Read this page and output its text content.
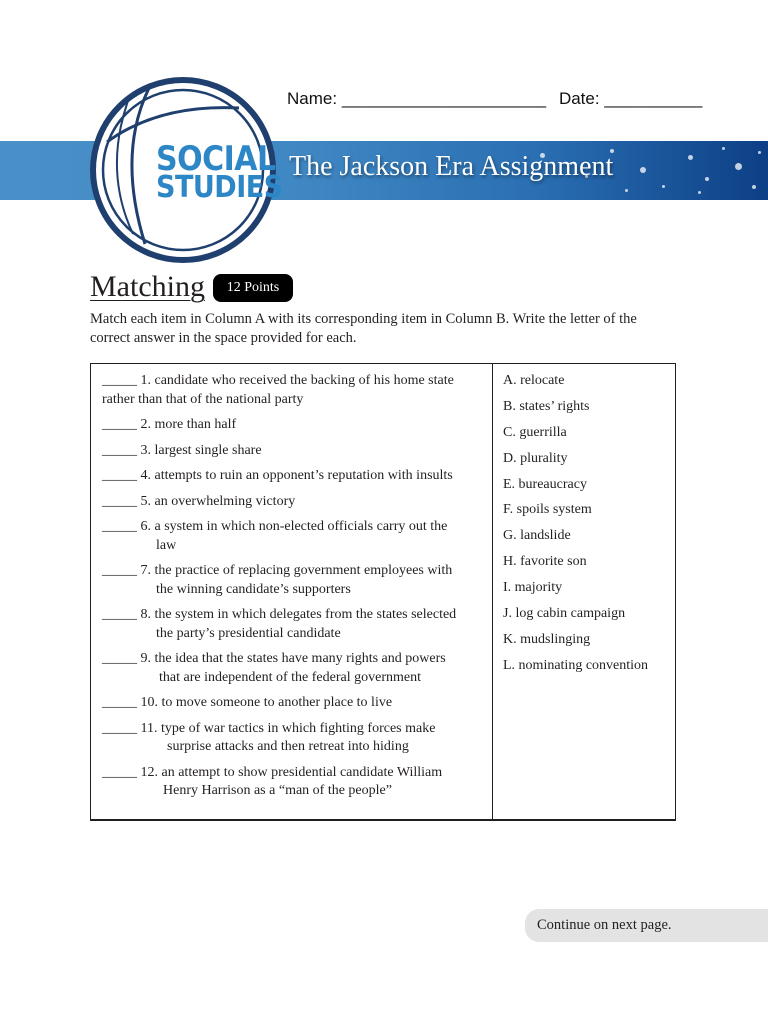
Name: _______________________ Date: ___________
The Jackson Era Assignment
SOCIAL
STUDIES
Matching	12 Points
Match each item in Column A with its corresponding item in Column B. Write the letter of the correct answer in the space provided for each.
_____ 1. candidate who received the backing of his home state
rather than that of the national party
_____ 2. more than half
_____ 3. largest single share
_____ 4. attempts to ruin an opponent’s reputation with insults
_____ 5. an overwhelming victory
_____ 6. a system in which non-elected officials carry out the
law
_____ 7. the practice of replacing government employees with
the winning candidate’s supporters
_____ 8. the system in which delegates from the states selected
the party’s presidential candidate
_____ 9. the idea that the states have many rights and powers
that are independent of the federal government
_____ 10. to move someone to another place to live
_____ 11. type of war tactics in which fighting forces make
surprise attacks and then retreat into hiding
_____ 12. an attempt to show presidential candidate William
Henry Harrison as a “man of the people”
A. relocate
B. states’ rights
C. guerrilla
D. plurality
E. bureaucracy
F. spoils system
G. landslide
H. favorite son
I. majority
J. log cabin campaign
K. mudslinging
L. nominating convention
Continue on next page.
